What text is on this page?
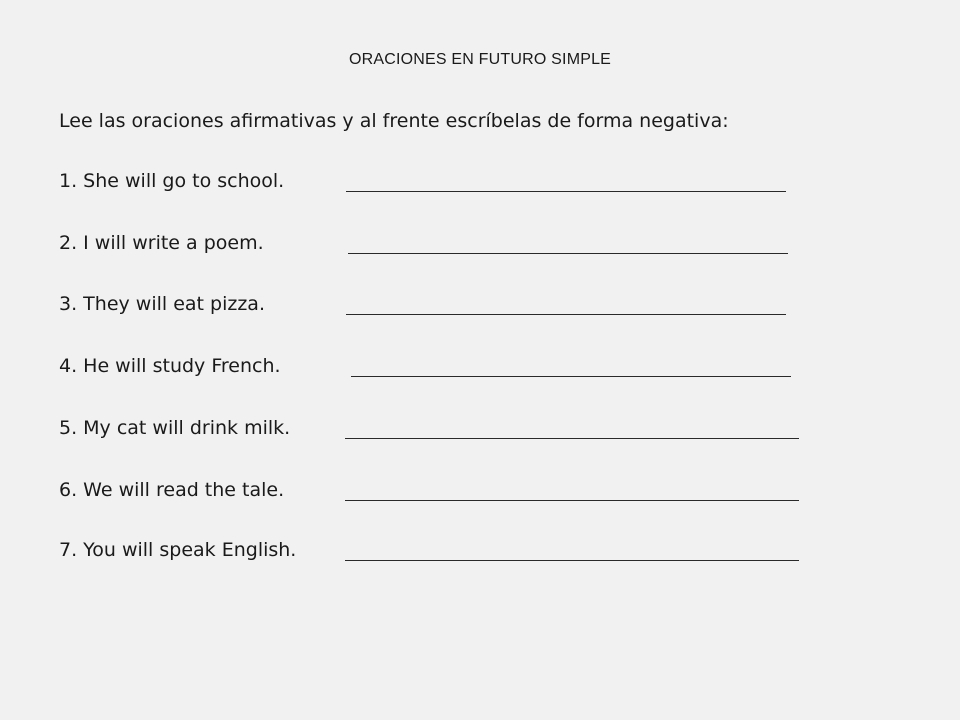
ORACIONES EN FUTURO SIMPLE
Lee las oraciones afirmativas y al frente escríbelas de forma negativa:
1. She will go to school.
2. I will write a poem.
3. They will eat pizza.
4. He will study French.
5. My cat will drink milk.
6. We will read the tale.
7. You will speak English.
